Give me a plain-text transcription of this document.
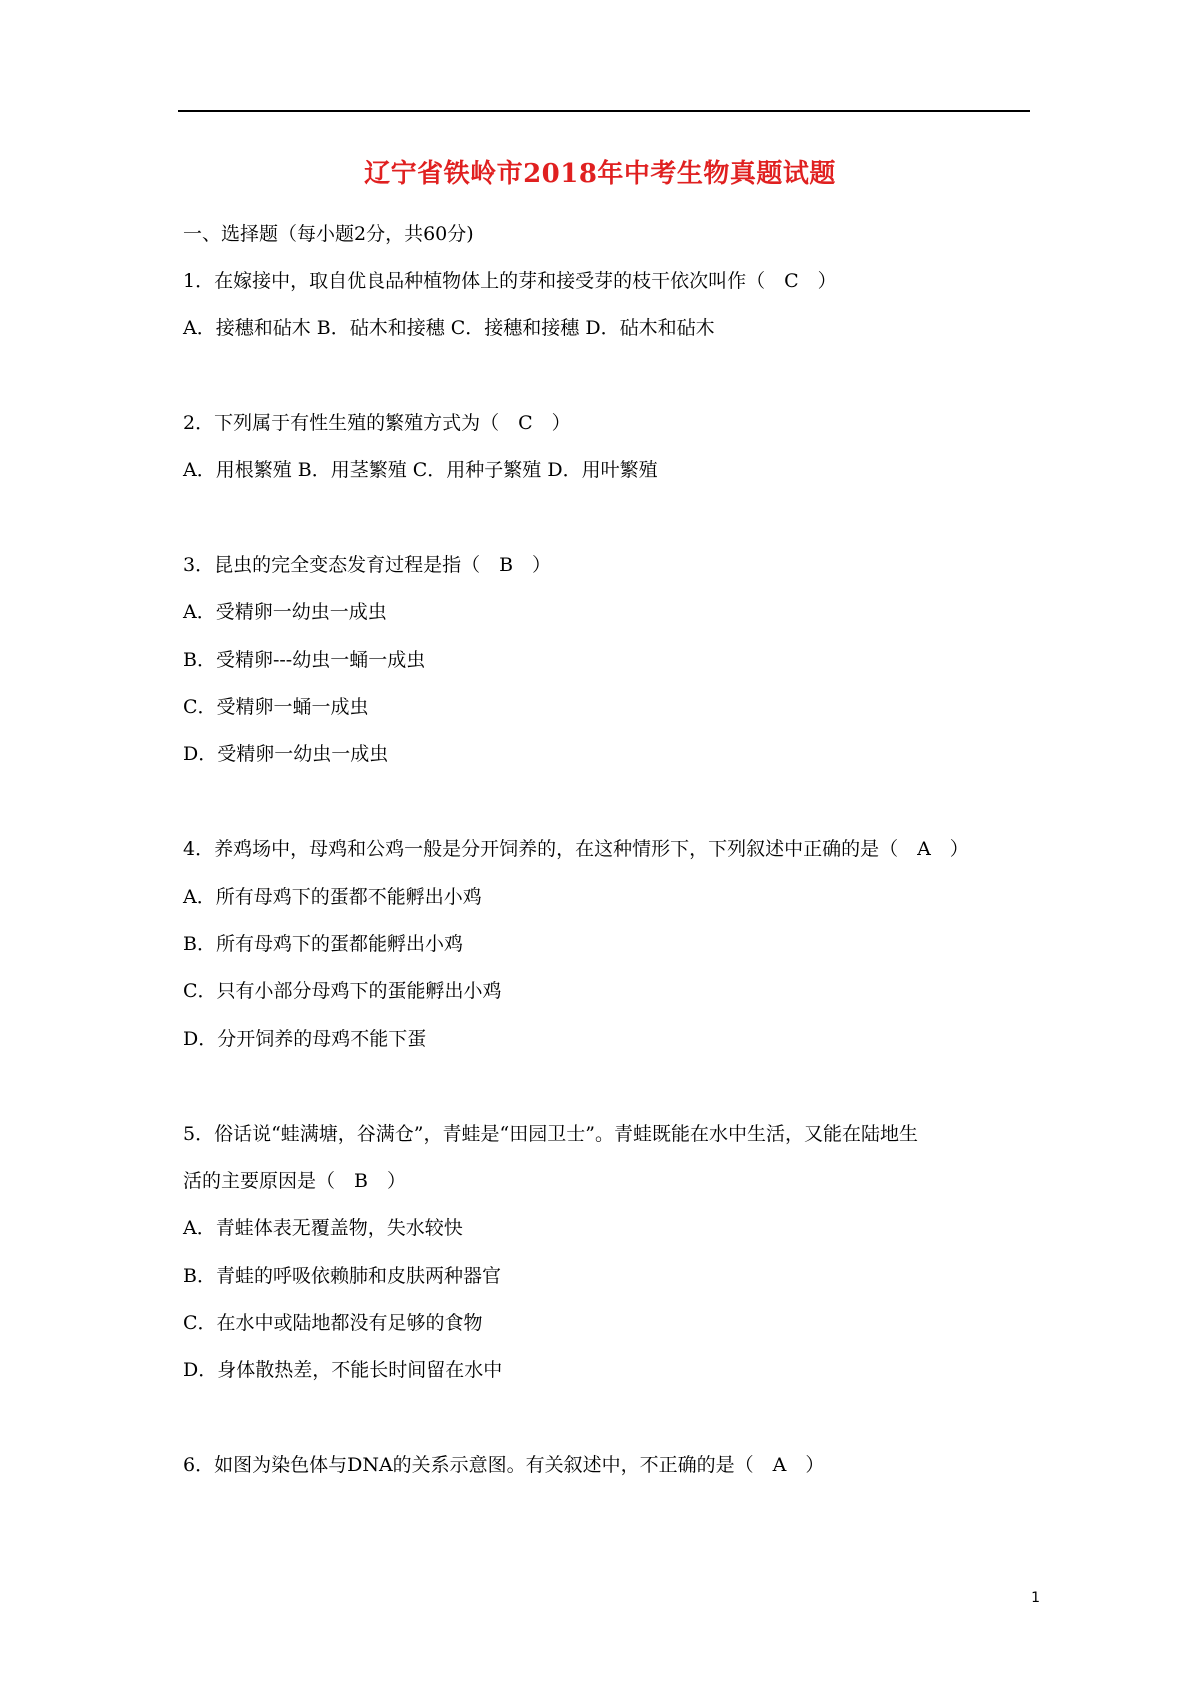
辽宁省铁岭市2018年中考生物真题试题
一、选择题（每小题2分，共60分)
1．在嫁接中，取自优良品种植物体上的芽和接受芽的枝干依次叫作（　C　）
A．接穗和砧木 B．砧木和接穗 C．接穗和接穗 D．砧木和砧木
2．下列属于有性生殖的繁殖方式为（　C　）
A．用根繁殖 B．用茎繁殖 C．用种子繁殖 D．用叶繁殖
3．昆虫的完全变态发育过程是指（　B　）
A．受精卵一幼虫一成虫
B．受精卵---幼虫一蛹一成虫
C．受精卵一蛹一成虫
D．受精卵一幼虫一成虫
4．养鸡场中，母鸡和公鸡一般是分开饲养的，在这种情形下，下列叙述中正确的是（　A　）
A．所有母鸡下的蛋都不能孵出小鸡
B．所有母鸡下的蛋都能孵出小鸡
C．只有小部分母鸡下的蛋能孵出小鸡
D．分开饲养的母鸡不能下蛋
5．俗话说“蛙满塘，谷满仓”，青蛙是“田园卫士”。青蛙既能在水中生活，又能在陆地生
活的主要原因是（　B　）
A．青蛙体表无覆盖物，失水较快
B．青蛙的呼吸依赖肺和皮肤两种器官
C．在水中或陆地都没有足够的食物
D．身体散热差，不能长时间留在水中
6．如图为染色体与DNA的关系示意图。有关叙述中，不正确的是（　A　）
1
